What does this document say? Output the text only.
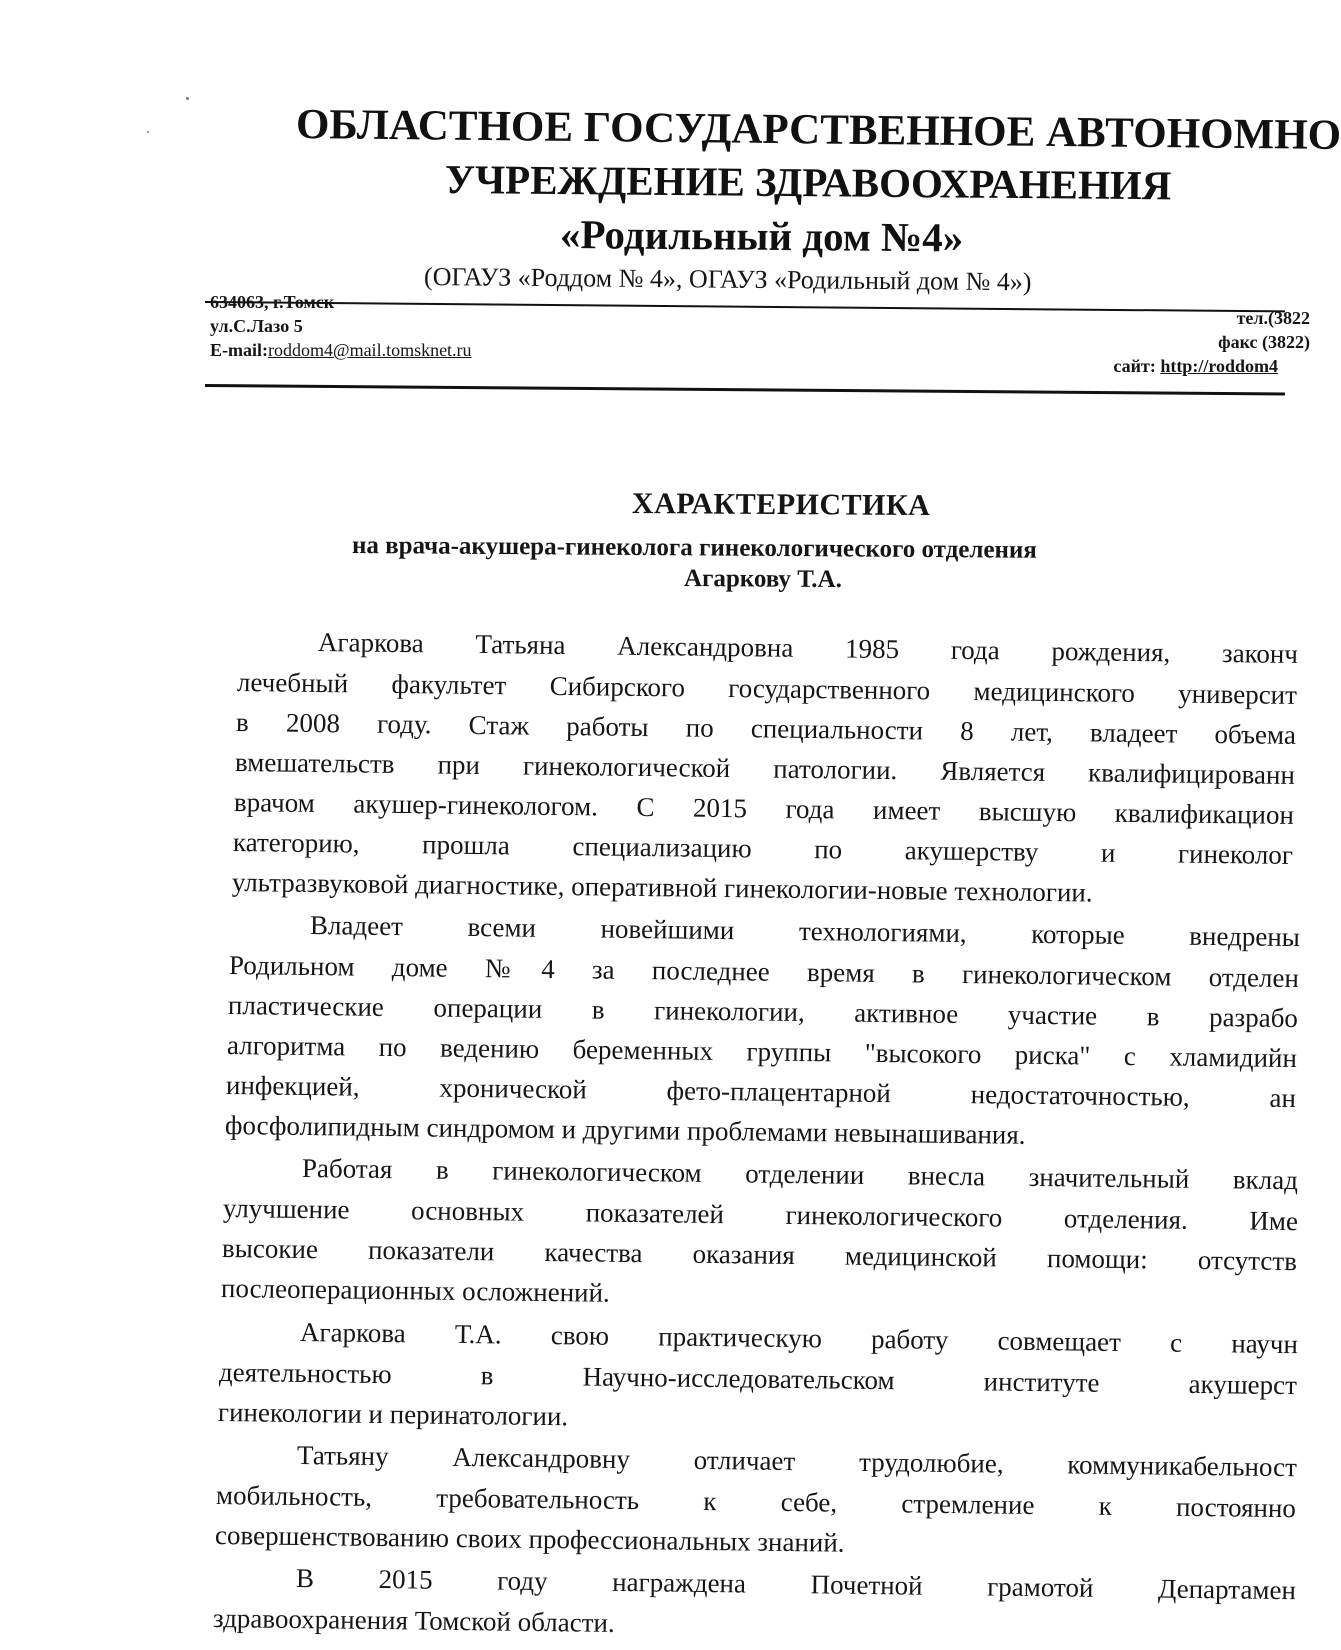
ОБЛАСТНОЕ ГОСУДАРСТВЕННОЕ АВТОНОМНО
УЧРЕЖДЕНИЕ ЗДРАВООХРАНЕНИЯ
«Родильный дом №4»
(ОГАУЗ «Роддом № 4», ОГАУЗ «Родильный дом № 4»)
634063, г.Томск
ул.С.Лазо 5
E-mail:roddom4@mail.tomsknet.ru
тел.(3822
факс (3822)
сайт: http://roddom4
ХАРАКТЕРИСТИКА
на врача-акушера-гинеколога гинекологического отделения
Агаркову Т.А.
Агаркова Татьяна Александровна 1985 года рождения, законч
лечебный факультет Сибирского государственного медицинского университ
в 2008 году. Стаж работы по специальности 8 лет, владеет объема
вмешательств при гинекологической патологии. Является квалифицированн
врачом акушер-гинекологом. С 2015 года имеет высшую квалификацион
категорию, прошла специализацию по акушерству и гинеколог
ультразвуковой диагностике, оперативной гинекологии-новые технологии.
Владеет всеми новейшими технологиями, которые внедрены
Родильном доме №4 за последнее время в гинекологическом отделен
пластические операции в гинекологии, активное участие в разрабо
алгоритма по ведению беременных группы "высокого риска" с хламидийн
инфекцией, хронической фето-плацентарной недостаточностью, ан
фосфолипидным синдромом и другими проблемами невынашивания.
Работая в гинекологическом отделении внесла значительный вклад
улучшение основных показателей гинекологического отделения. Име
высокие показатели качества оказания медицинской помощи: отсутств
послеоперационных осложнений.
Агаркова Т.А. свою практическую работу совмещает с научн
деятельностью в Научно-исследовательском институте акушерст
гинекологии и перинатологии.
Татьяну Александровну отличает трудолюбие, коммуникабельност
мобильность, требовательность к себе, стремление к постоянно
совершенствованию своих профессиональных знаний.
В 2015 году награждена Почетной грамотой Департамен
здравоохранения Томской области.
